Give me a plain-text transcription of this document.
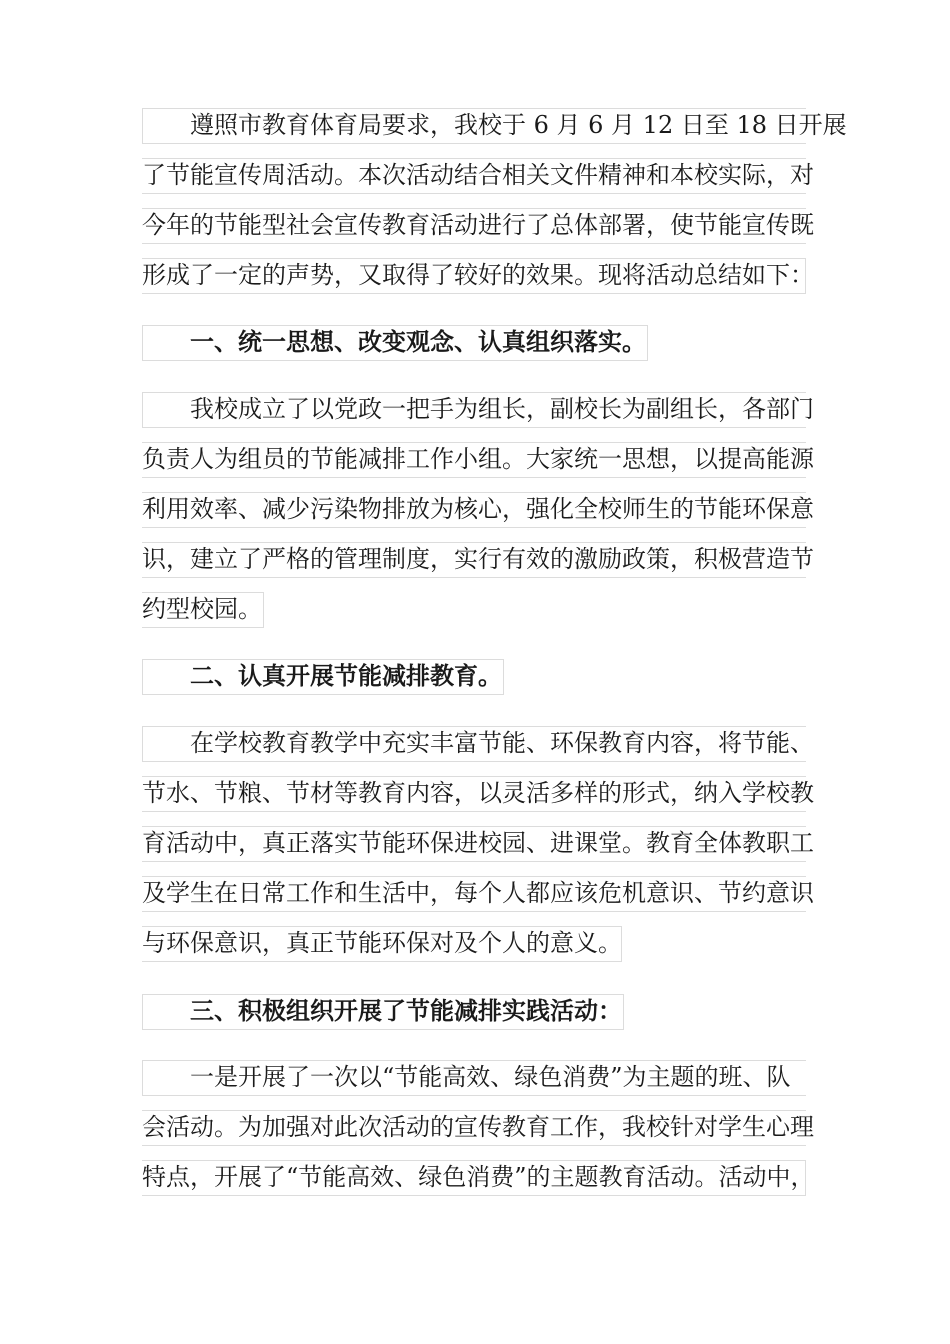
遵照市教育体育局要求，我校于 6 月 6 月 12 日至 18 日开展
了节能宣传周活动。本次活动结合相关文件精神和本校实际，对
今年的节能型社会宣传教育活动进行了总体部署，使节能宣传既
形成了一定的声势，又取得了较好的效果。现将活动总结如下：
一、统一思想、改变观念、认真组织落实。
我校成立了以党政一把手为组长，副校长为副组长，各部门
负责人为组员的节能减排工作小组。大家统一思想，以提高能源
利用效率、减少污染物排放为核心，强化全校师生的节能环保意
识，建立了严格的管理制度，实行有效的激励政策，积极营造节
约型校园。
二、认真开展节能减排教育。
在学校教育教学中充实丰富节能、环保教育内容，将节能、
节水、节粮、节材等教育内容，以灵活多样的形式，纳入学校教
育活动中，真正落实节能环保进校园、进课堂。教育全体教职工
及学生在日常工作和生活中，每个人都应该危机意识、节约意识
与环保意识，真正节能环保对及个人的意义。
三、积极组织开展了节能减排实践活动：
一是开展了一次以“节能高效、绿色消费”为主题的班、队
会活动。为加强对此次活动的宣传教育工作，我校针对学生心理
特点，开展了“节能高效、绿色消费”的主题教育活动。活动中，
